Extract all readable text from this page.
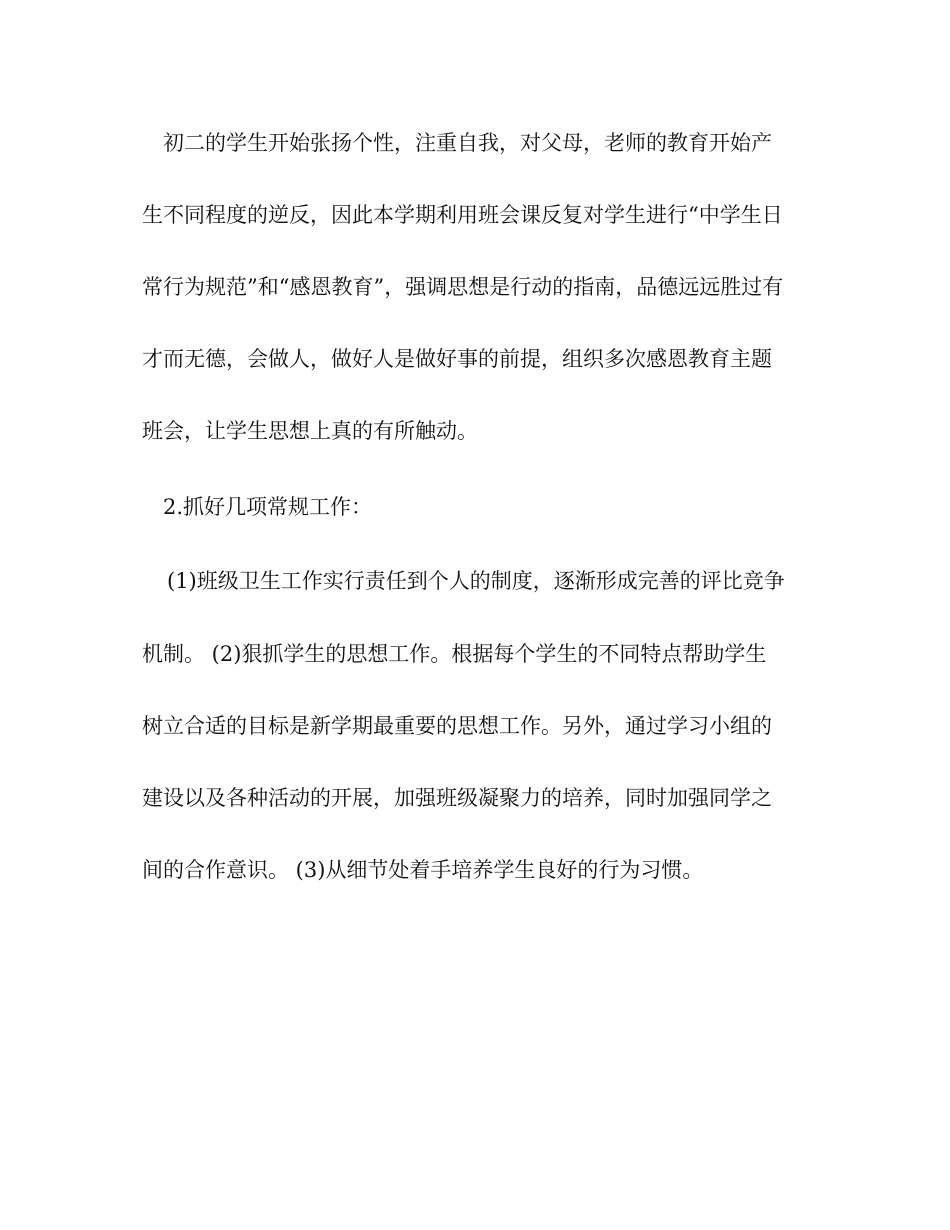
初二的学生开始张扬个性，注重自我，对父母，老师的教育开始产

生不同程度的逆反，因此本学期利用班会课反复对学生进行“中学生日

常行为规范”和“感恩教育”，强调思想是行动的指南，品德远远胜过有

才而无德，会做人，做好人是做好事的前提，组织多次感恩教育主题

班会，让学生思想上真的有所触动。

2.抓好几项常规工作：

(1)班级卫生工作实行责任到个人的制度，逐渐形成完善的评比竞争

机制。 (2)狠抓学生的思想工作。根据每个学生的不同特点帮助学生

树立合适的目标是新学期最重要的思想工作。另外，通过学习小组的

建设以及各种活动的开展，加强班级凝聚力的培养，同时加强同学之

间的合作意识。 (3)从细节处着手培养学生良好的行为习惯。
